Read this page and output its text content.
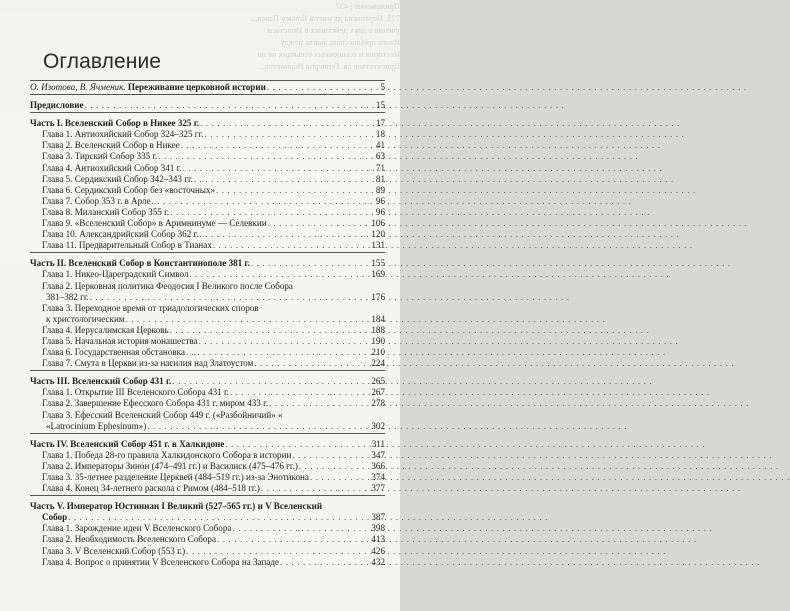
Приложение | 437
775. Переписка дт имени Ilmtaey Павел...
учения о двух действиях в Ипостаси
Итоги прения свящ. пакта между
Нестория и ссыщенных ессьнцих не на
Присутствие св. Гепперпа Иоаннитск...
Оглавление
О. Изотова, В. Ячменик. Переживание церковной истории . . .	5
Предисловие . . .	15
Часть I. Вселенский Собор в Никее 325 г. . . .	17
Глава 1. Антиохийский Собор 324–325 гг. . . .	18
Глава 2. Вселенский Собор в Никее . . .	41
Глава 3. Тирский Собор 335 г. . . .	63
Глава 4. Антиохийский Собор 341 г. . . .	71
Глава 5. Сердикский Собор 342–343 гг. . . .	81
Глава 6. Сердикский Собор без «восточных» . . .	89
Глава 7. Собор 353 г. в Арле . . .	96
Глава 8. Миланский Собор 355 г. . . .	96
Глава 9. «Вселенский Собор» в Аримнинуме — Селевкии . . .	106
Глава 10. Александрийский Собор 362 г. . . .	120
Глава 11. Предварительный Собор в Тианах . . .	131
Часть II. Вселенский Собор в Константинополе 381 г. . . .	155
Глава 1. Никео-Цареградский Символ . . .	169
Глава 2. Церковная политика Феодосия I Великого после Собора
381–382 гг. . . .	176
Глава 3. Переходное время от триадологических споров
к христологическим . . .	184
Глава 4. Иерусалимская Церковь . . .	188
Глава 5. Начальная история монашества . . .	190
Глава 6. Государственная обстановка . . .	210
Глава 7. Смута в Церкви из-за насилия над Златоустом . . .	224
Часть III. Вселенский Собор 431 г. . . .	265
Глава 1. Открытие III Вселенского Собора 431 г. . . .	267
Глава 2. Завершение Ефесского Собора 431 г. миром 433 г. . . .	278
Глава 3. Ефесский Вселенский Собор 449 г. («Разбойничий» «
«Latrocinium Ephesinum») . . .	302
Часть IV. Вселенский Собор 451 г. в Халкидоне . . .	311
Глава 1. Победа 28-го правила Халкидонского Собора в истории . . .	347
Глава 2. Императоры Зинон (474–491 гг.) и Василиск (475–476 гг.) . . .	366
Глава 3. 35-летнее разделение Церквей (484–519 гг.) из-за Энотикона . . .	374
Глава 4. Конец 34-летнего раскола с Римом (484–518 гг.) . . .	377
Часть V. Император Юстиниан I Великий (527–565 гг.) и V Вселенский
Собор . . .	387
Глава 1. Зарождение идеи V Вселенского Собора . . .	398
Глава 2. Необходимость Вселенского Собора . . .	413
Глава 3. V Вселенский Собор (553 г.) . . .	426
Глава 4. Вопрос о принятии V Вселенского Собора на Западе . . .	432
